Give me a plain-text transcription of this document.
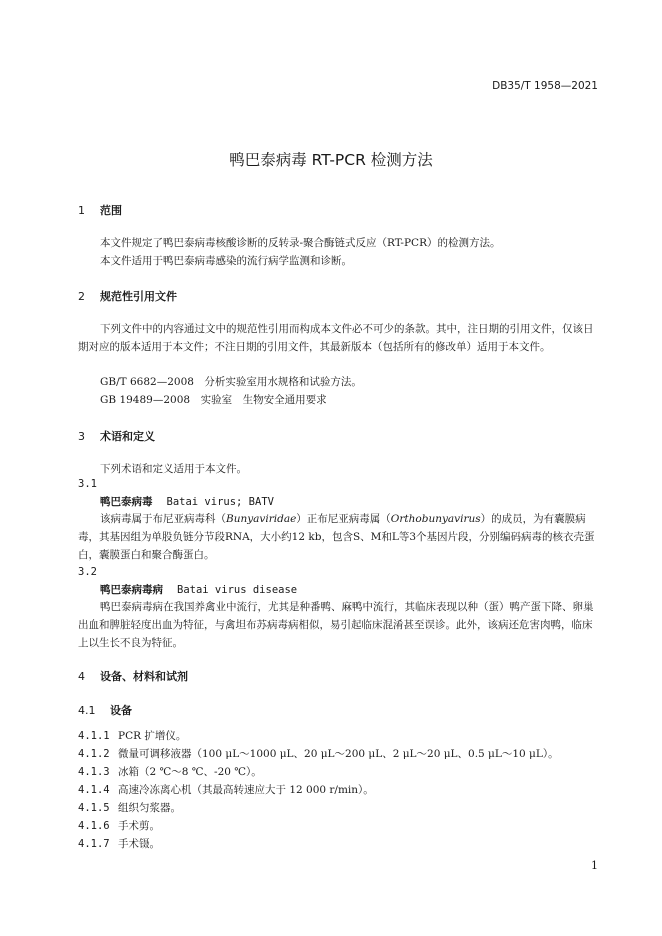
DB35/T 1958—2021
鸭巴泰病毒 RT-PCR 检测方法
1 范围
本文件规定了鸭巴泰病毒核酸诊断的反转录-聚合酶链式反应（RT-PCR）的检测方法。
本文件适用于鸭巴泰病毒感染的流行病学监测和诊断。
2 规范性引用文件
下列文件中的内容通过文中的规范性引用而构成本文件必不可少的条款。其中，注日期的引用文件，仅该日期对应的版本适用于本文件；不注日期的引用文件，其最新版本（包括所有的修改单）适用于本文件。
GB/T 6682—2008　分析实验室用水规格和试验方法。
GB 19489—2008　实验室　生物安全通用要求
3 术语和定义
下列术语和定义适用于本文件。
3.1
鸭巴泰病毒 Batai virus; BATV
该病毒属于布尼亚病毒科（Bunyaviridae）正布尼亚病毒属（Orthobunyavirus）的成员，为有囊膜病毒，其基因组为单股负链分节段RNA，大小约12 kb，包含S、M和L等3个基因片段，分别编码病毒的核衣壳蛋白，囊膜蛋白和聚合酶蛋白。
3.2
鸭巴泰病毒病 Batai virus disease
鸭巴泰病毒病在我国养禽业中流行，尤其是种番鸭、麻鸭中流行，其临床表现以种（蛋）鸭产蛋下降、卵巢出血和脾脏轻度出血为特征，与禽坦布苏病毒病相似，易引起临床混淆甚至误诊。此外，该病还危害肉鸭，临床上以生长不良为特征。
4 设备、材料和试剂
4.1 设备
4.1.1 PCR 扩增仪。
4.1.2 微量可调移液器（100 μL～1000 μL、20 μL～200 μL、2 μL～20 μL、0.5 μL～10 μL）。
4.1.3 冰箱（2 ℃～8 ℃、-20 ℃）。
4.1.4 高速冷冻离心机（其最高转速应大于 12 000 r/min）。
4.1.5 组织匀浆器。
4.1.6 手术剪。
4.1.7 手术镊。
1
